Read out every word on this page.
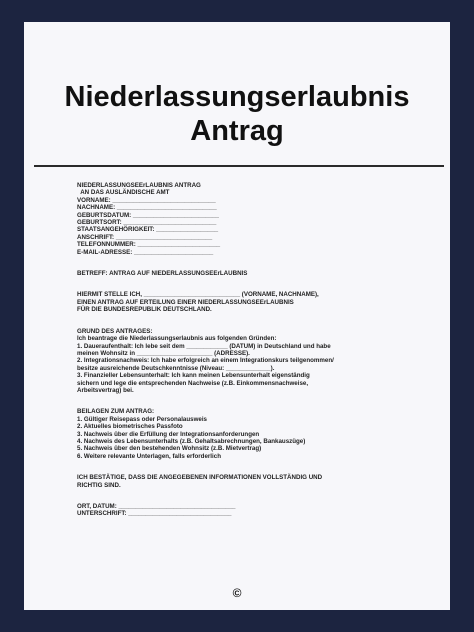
Niederlassungserlaubnis
Antrag
NIEDERLASSUNGSEErLAUBNIS ANTRAG
AN DAS AUSLÄNDISCHE AMT
VORNAME: ______________________________
NACHNAME: _____________________________
GEBURTSDATUM: _________________________
GEBURTSORT: ___________________________
STAATSANGEHÖRIGKEIT: __________________
ANSCHRIFT: ____________________________
TELEFONNUMMER: ________________________
E-MAIL-ADRESSE: _______________________
BETREFF: ANTRAG AUF NIEDERLASSUNGSEErLAUBNIS
HIERMIT STELLE ICH, ____________________________ (VORNAME, NACHNAME),
EINEN ANTRAG AUF ERTEILUNG EINER NIEDERLASSUNGSEErLAUBNIS
FÜR DIE BUNDESREPUBLIK DEUTSCHLAND.
GRUND DES ANTRAGES:
Ich beantrage die Niederlassungserlaubnis aus folgenden Gründen:
1. Daueraufenthalt: Ich lebe seit dem ____________ (DATUM) in Deutschland und habe
meinen Wohnsitz in ______________________ (ADRESSE).
2. Integrationsnachweis: Ich habe erfolgreich an einem Integrationskurs teilgenommen/
besitze ausreichende Deutschkenntnisse (Niveau: _____________).
3. Finanzieller Lebensunterhalt: Ich kann meinen Lebensunterhalt eigenständig
sichern und lege die entsprechenden Nachweise (z.B. Einkommensnachweise,
Arbeitsvertrag) bei.
BEILAGEN ZUM ANTRAG:
1. Gültiger Reisepass oder Personalausweis
2. Aktuelles biometrisches Passfoto
3. Nachweis über die Erfüllung der Integrationsanforderungen
4. Nachweis des Lebensunterhalts (z.B. Gehaltsabrechnungen, Bankauszüge)
5. Nachweis über den bestehenden Wohnsitz (z.B. Mietvertrag)
6. Weitere relevante Unterlagen, falls erforderlich
ICH BESTÄTIGE, DASS DIE ANGEGEBENEN INFORMATIONEN VOLLSTÄNDIG UND
RICHTIG SIND.
ORT, DATUM: __________________________________
UNTERSCHRIFT: ______________________________
©
